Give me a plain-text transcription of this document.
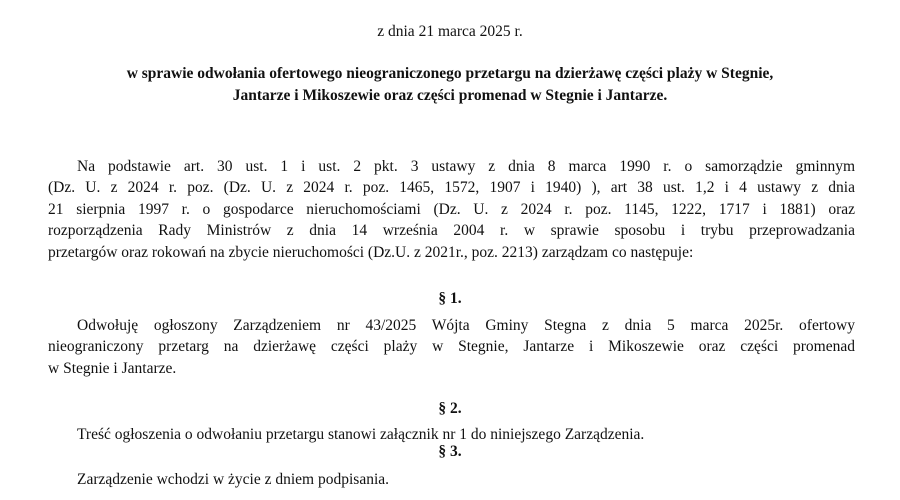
z dnia 21 marca 2025 r.
w sprawie odwołania ofertowego nieograniczonego przetargu na dzierżawę części plaży w Stegnie,
Jantarze i Mikoszewie oraz części promenad w Stegnie i Jantarze.
Na podstawie art. 30 ust. 1 i ust. 2 pkt. 3 ustawy z dnia 8 marca 1990 r. o samorządzie gminnym
(Dz. U. z 2024 r. poz. (Dz. U. z 2024 r. poz. 1465, 1572, 1907 i 1940) ), art 38 ust. 1,2 i 4 ustawy z dnia
21 sierpnia 1997 r. o gospodarce nieruchomościami (Dz. U. z 2024 r. poz. 1145, 1222, 1717 i 1881) oraz
rozporządzenia Rady Ministrów z dnia 14 września 2004 r. w sprawie sposobu i trybu przeprowadzania
przetargów oraz rokowań na zbycie nieruchomości (Dz.U. z 2021r., poz. 2213) zarządzam co następuje:
§ 1.
Odwołuję ogłoszony Zarządzeniem nr 43/2025 Wójta Gminy Stegna z dnia 5 marca 2025r. ofertowy
nieograniczony przetarg na dzierżawę części plaży w Stegnie, Jantarze i Mikoszewie oraz części promenad
w Stegnie i Jantarze.
§ 2.
Treść ogłoszenia o odwołaniu przetargu stanowi załącznik nr 1 do niniejszego Zarządzenia.
§ 3.
Zarządzenie wchodzi w życie z dniem podpisania.
